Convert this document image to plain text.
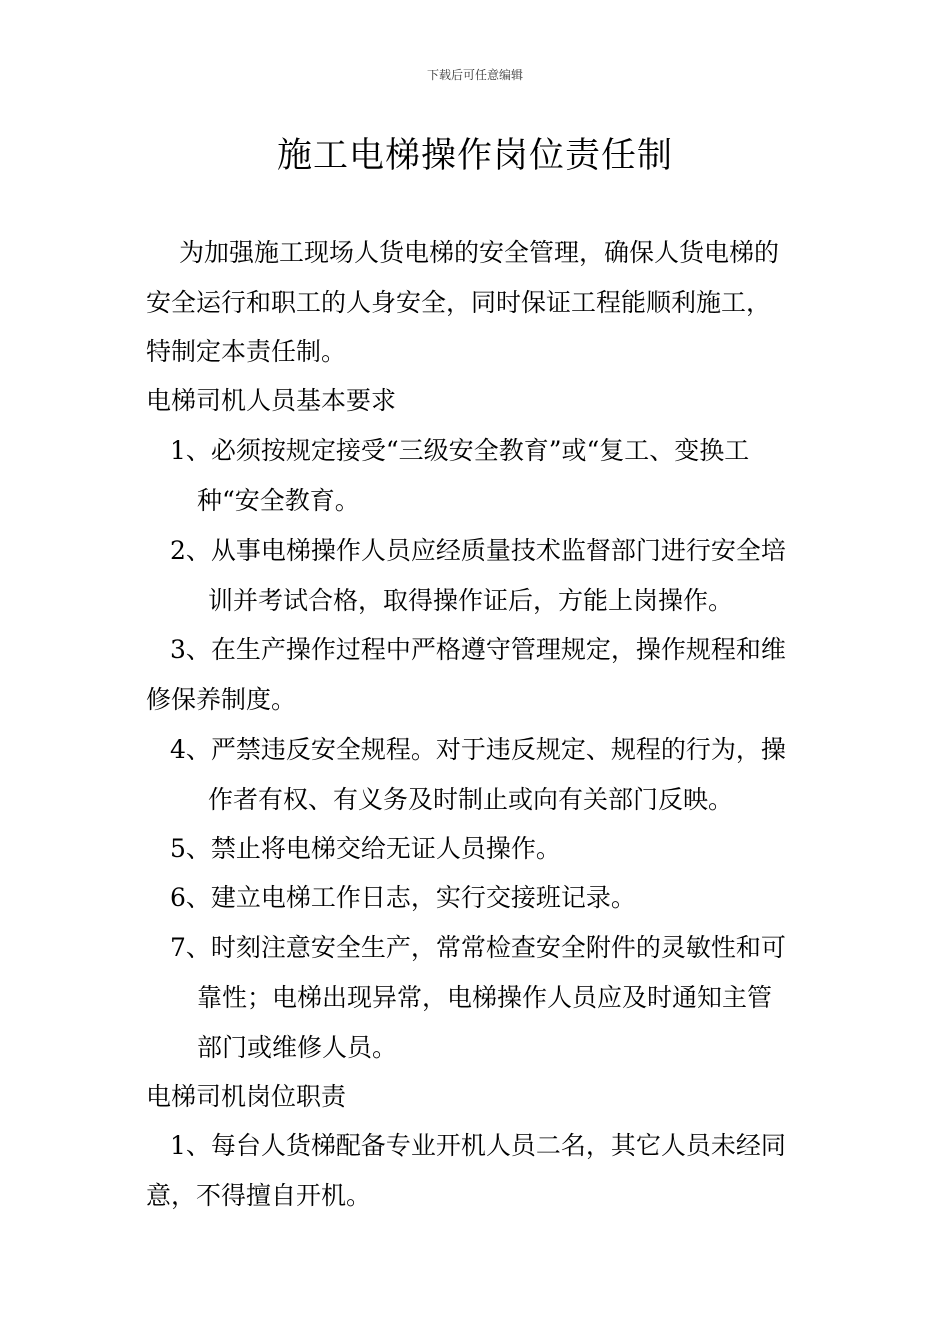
下载后可任意编辑
施工电梯操作岗位责任制
为加强施工现场人货电梯的安全管理，确保人货电梯的
安全运行和职工的人身安全，同时保证工程能顺利施工，
特制定本责任制。
电梯司机人员基本要求
1、必须按规定接受“三级安全教育”或“复工、变换工
种“安全教育。
2、从事电梯操作人员应经质量技术监督部门进行安全培
训并考试合格，取得操作证后，方能上岗操作。
3、在生产操作过程中严格遵守管理规定，操作规程和维
修保养制度。
4、严禁违反安全规程。对于违反规定、规程的行为，操
作者有权、有义务及时制止或向有关部门反映。
5、禁止将电梯交给无证人员操作。
6、建立电梯工作日志，实行交接班记录。
7、时刻注意安全生产，常常检查安全附件的灵敏性和可
靠性；电梯出现异常，电梯操作人员应及时通知主管
部门或维修人员。
电梯司机岗位职责
1、每台人货梯配备专业开机人员二名，其它人员未经同
意，不得擅自开机。
